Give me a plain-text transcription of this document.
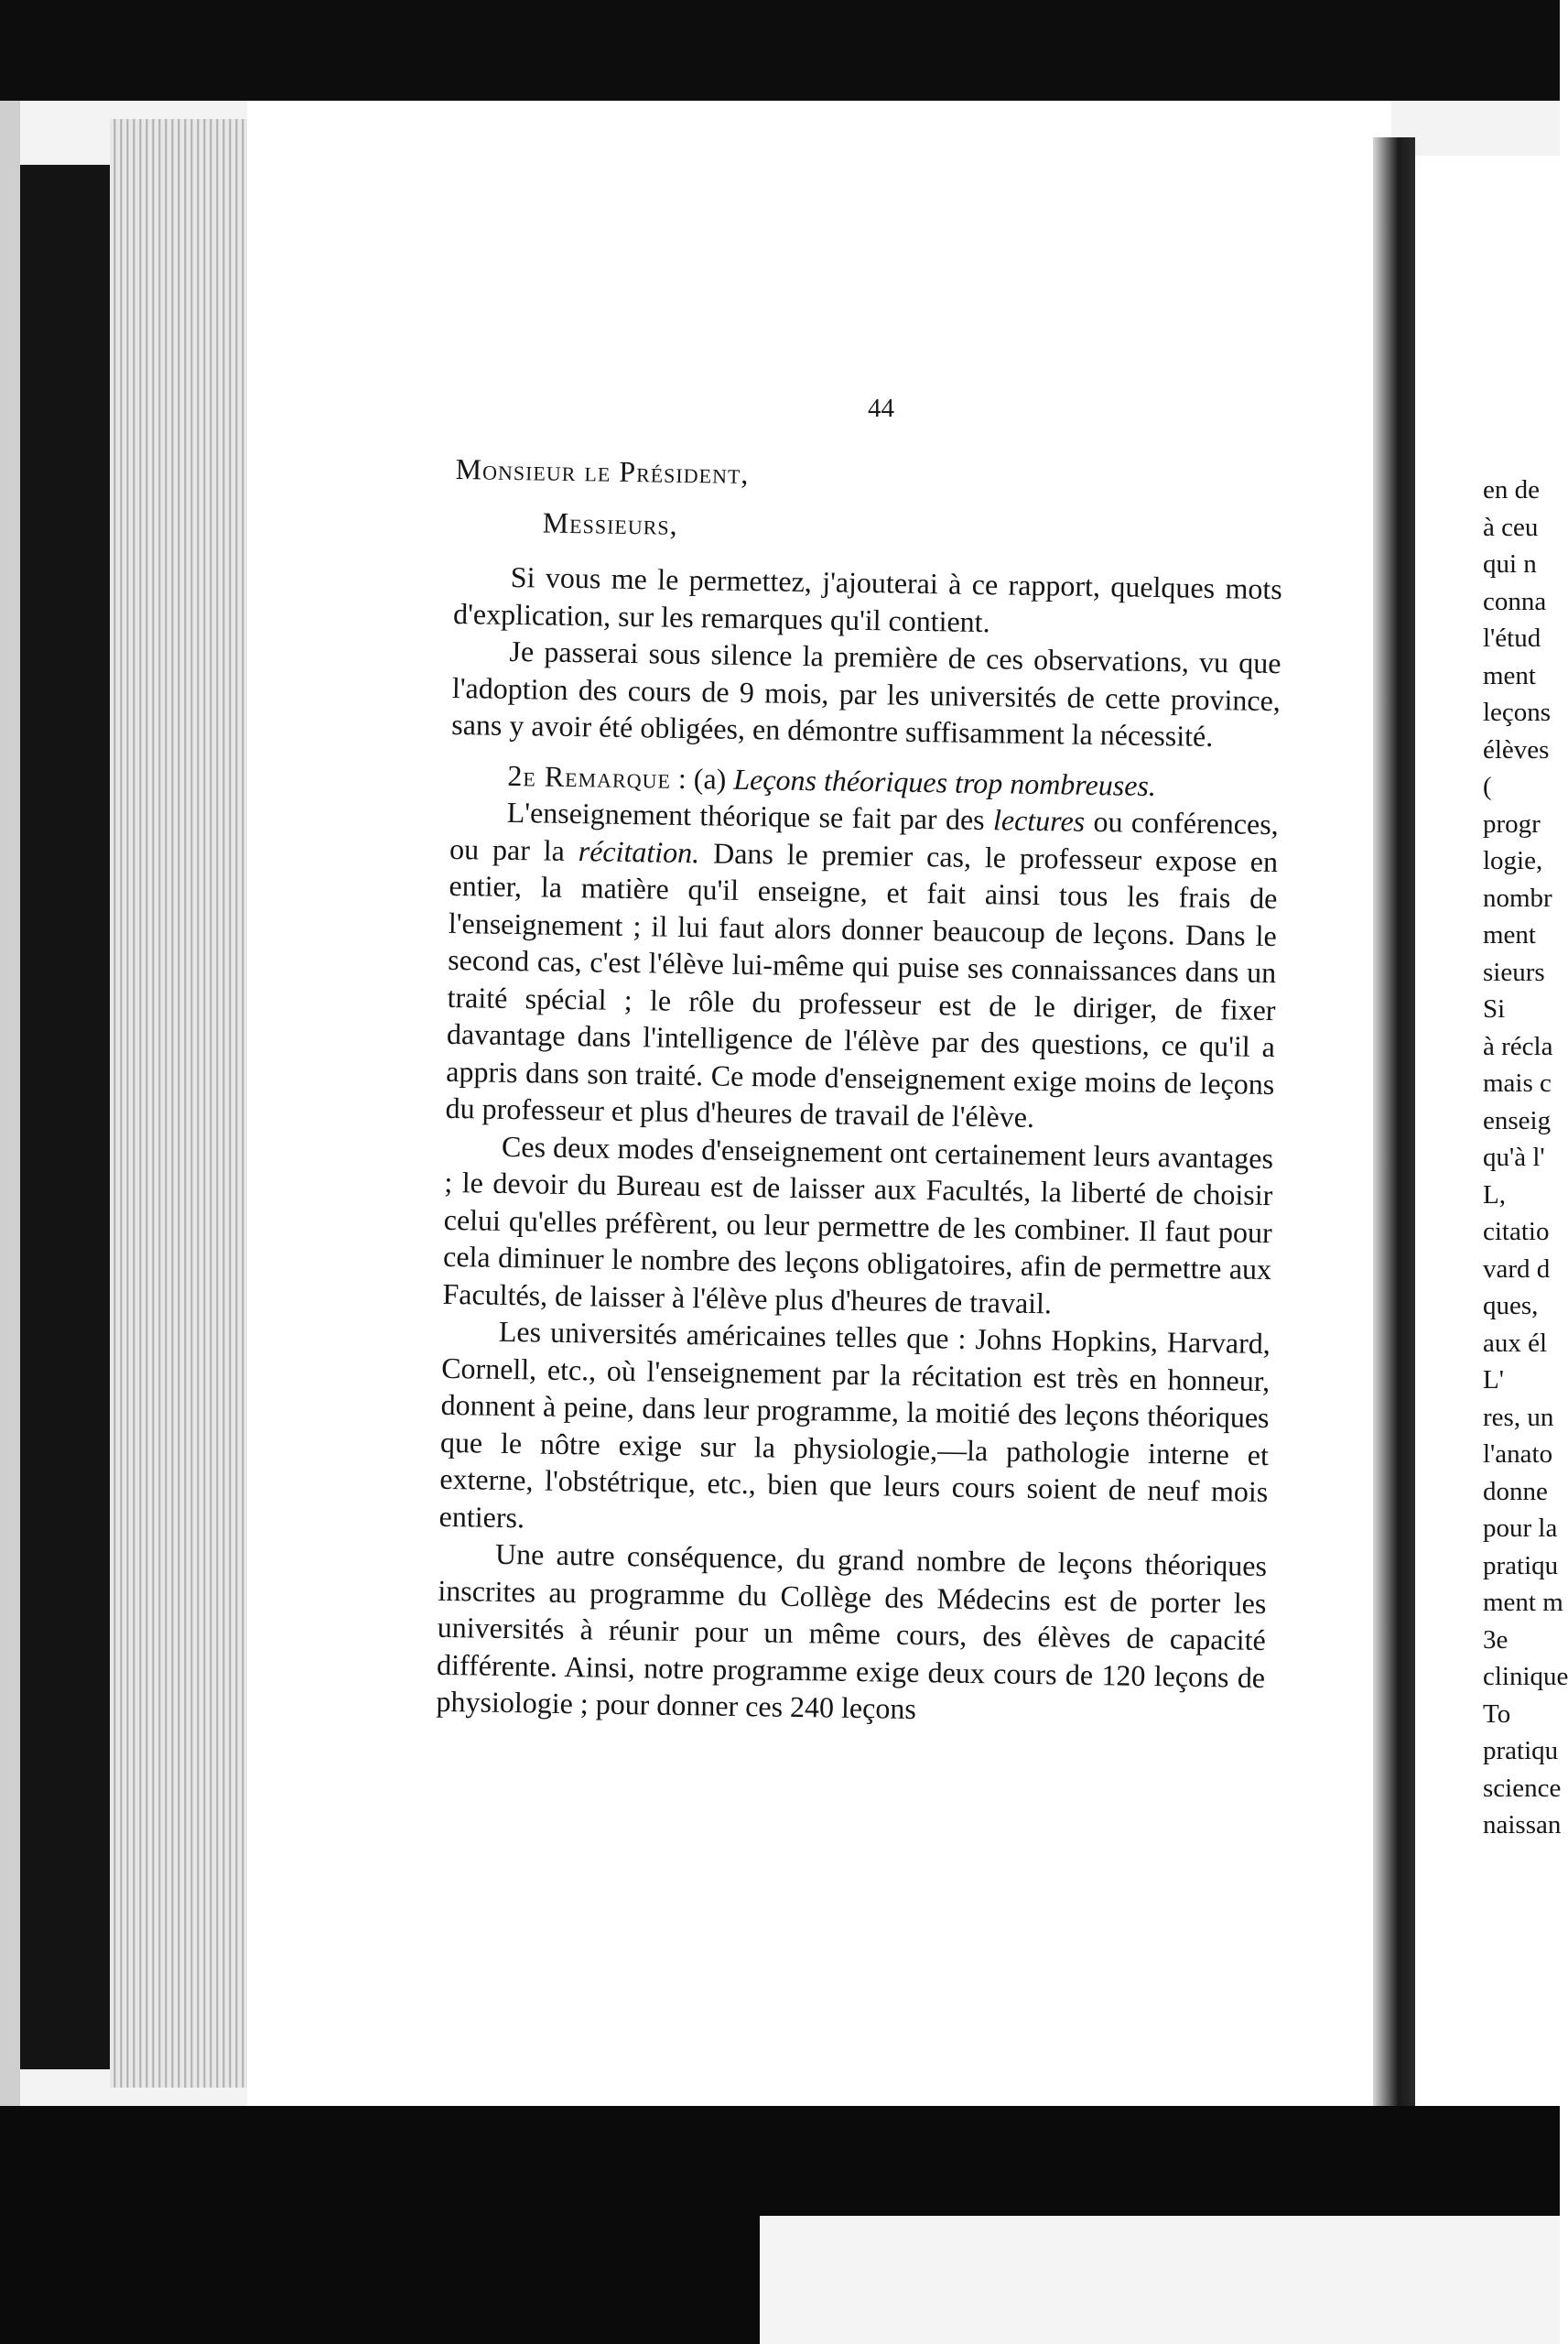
44

Monsieur le Président,

Messieurs,

Si vous me le permettez, j'ajouterai à ce rapport, quelques mots d'explication, sur les remarques qu'il contient.

Je passerai sous silence la première de ces observations, vu que l'adoption des cours de 9 mois, par les universités de cette province, sans y avoir été obligées, en démontre suffisamment la nécessité.

2e Remarque : (a) Leçons théoriques trop nombreuses.

L'enseignement théorique se fait par des lectures ou conférences, ou par la récitation. Dans le premier cas, le professeur expose en entier, la matière qu'il enseigne, et fait ainsi tous les frais de l'enseignement ; il lui faut alors donner beaucoup de leçons. Dans le second cas, c'est l'élève lui-même qui puise ses connaissances dans un traité spécial ; le rôle du professeur est de le diriger, de fixer davantage dans l'intelligence de l'élève par des questions, ce qu'il a appris dans son traité. Ce mode d'enseignement exige moins de leçons du professeur et plus d'heures de travail de l'élève.

Ces deux modes d'enseignement ont certainement leurs avantages ; le devoir du Bureau est de laisser aux Facultés, la liberté de choisir celui qu'elles préfèrent, ou leur permettre de les combiner. Il faut pour cela diminuer le nombre des leçons obligatoires, afin de permettre aux Facultés, de laisser à l'élève plus d'heures de travail.

Les universités américaines telles que : Johns Hopkins, Harvard, Cornell, etc., où l'enseignement par la récitation est très en honneur, donnent à peine, dans leur programme, la moitié des leçons théoriques que le nôtre exige sur la physiologie,—la pathologie interne et externe, l'obstétrique, etc., bien que leurs cours soient de neuf mois entiers.

Une autre conséquence, du grand nombre de leçons théoriques inscrites au programme du Collège des Médecins est de porter les universités à réunir pour un même cours, des élèves de capacité différente. Ainsi, notre programme exige deux cours de 120 leçons de physiologie ; pour donner ces 240 leçons

en de
à ceu
qui n
conna
l'étud
ment
leçons
élèves
(
progr
logie,
nombr
ment
sieurs
Si
à récla
mais c
enseig
qu'à l'
L,
citatio
vard d
ques,
aux él
L'
res, un
l'anato
donne
pour la
pratiqu
ment m
3e
clinique
To
pratiqu
science
naissan
